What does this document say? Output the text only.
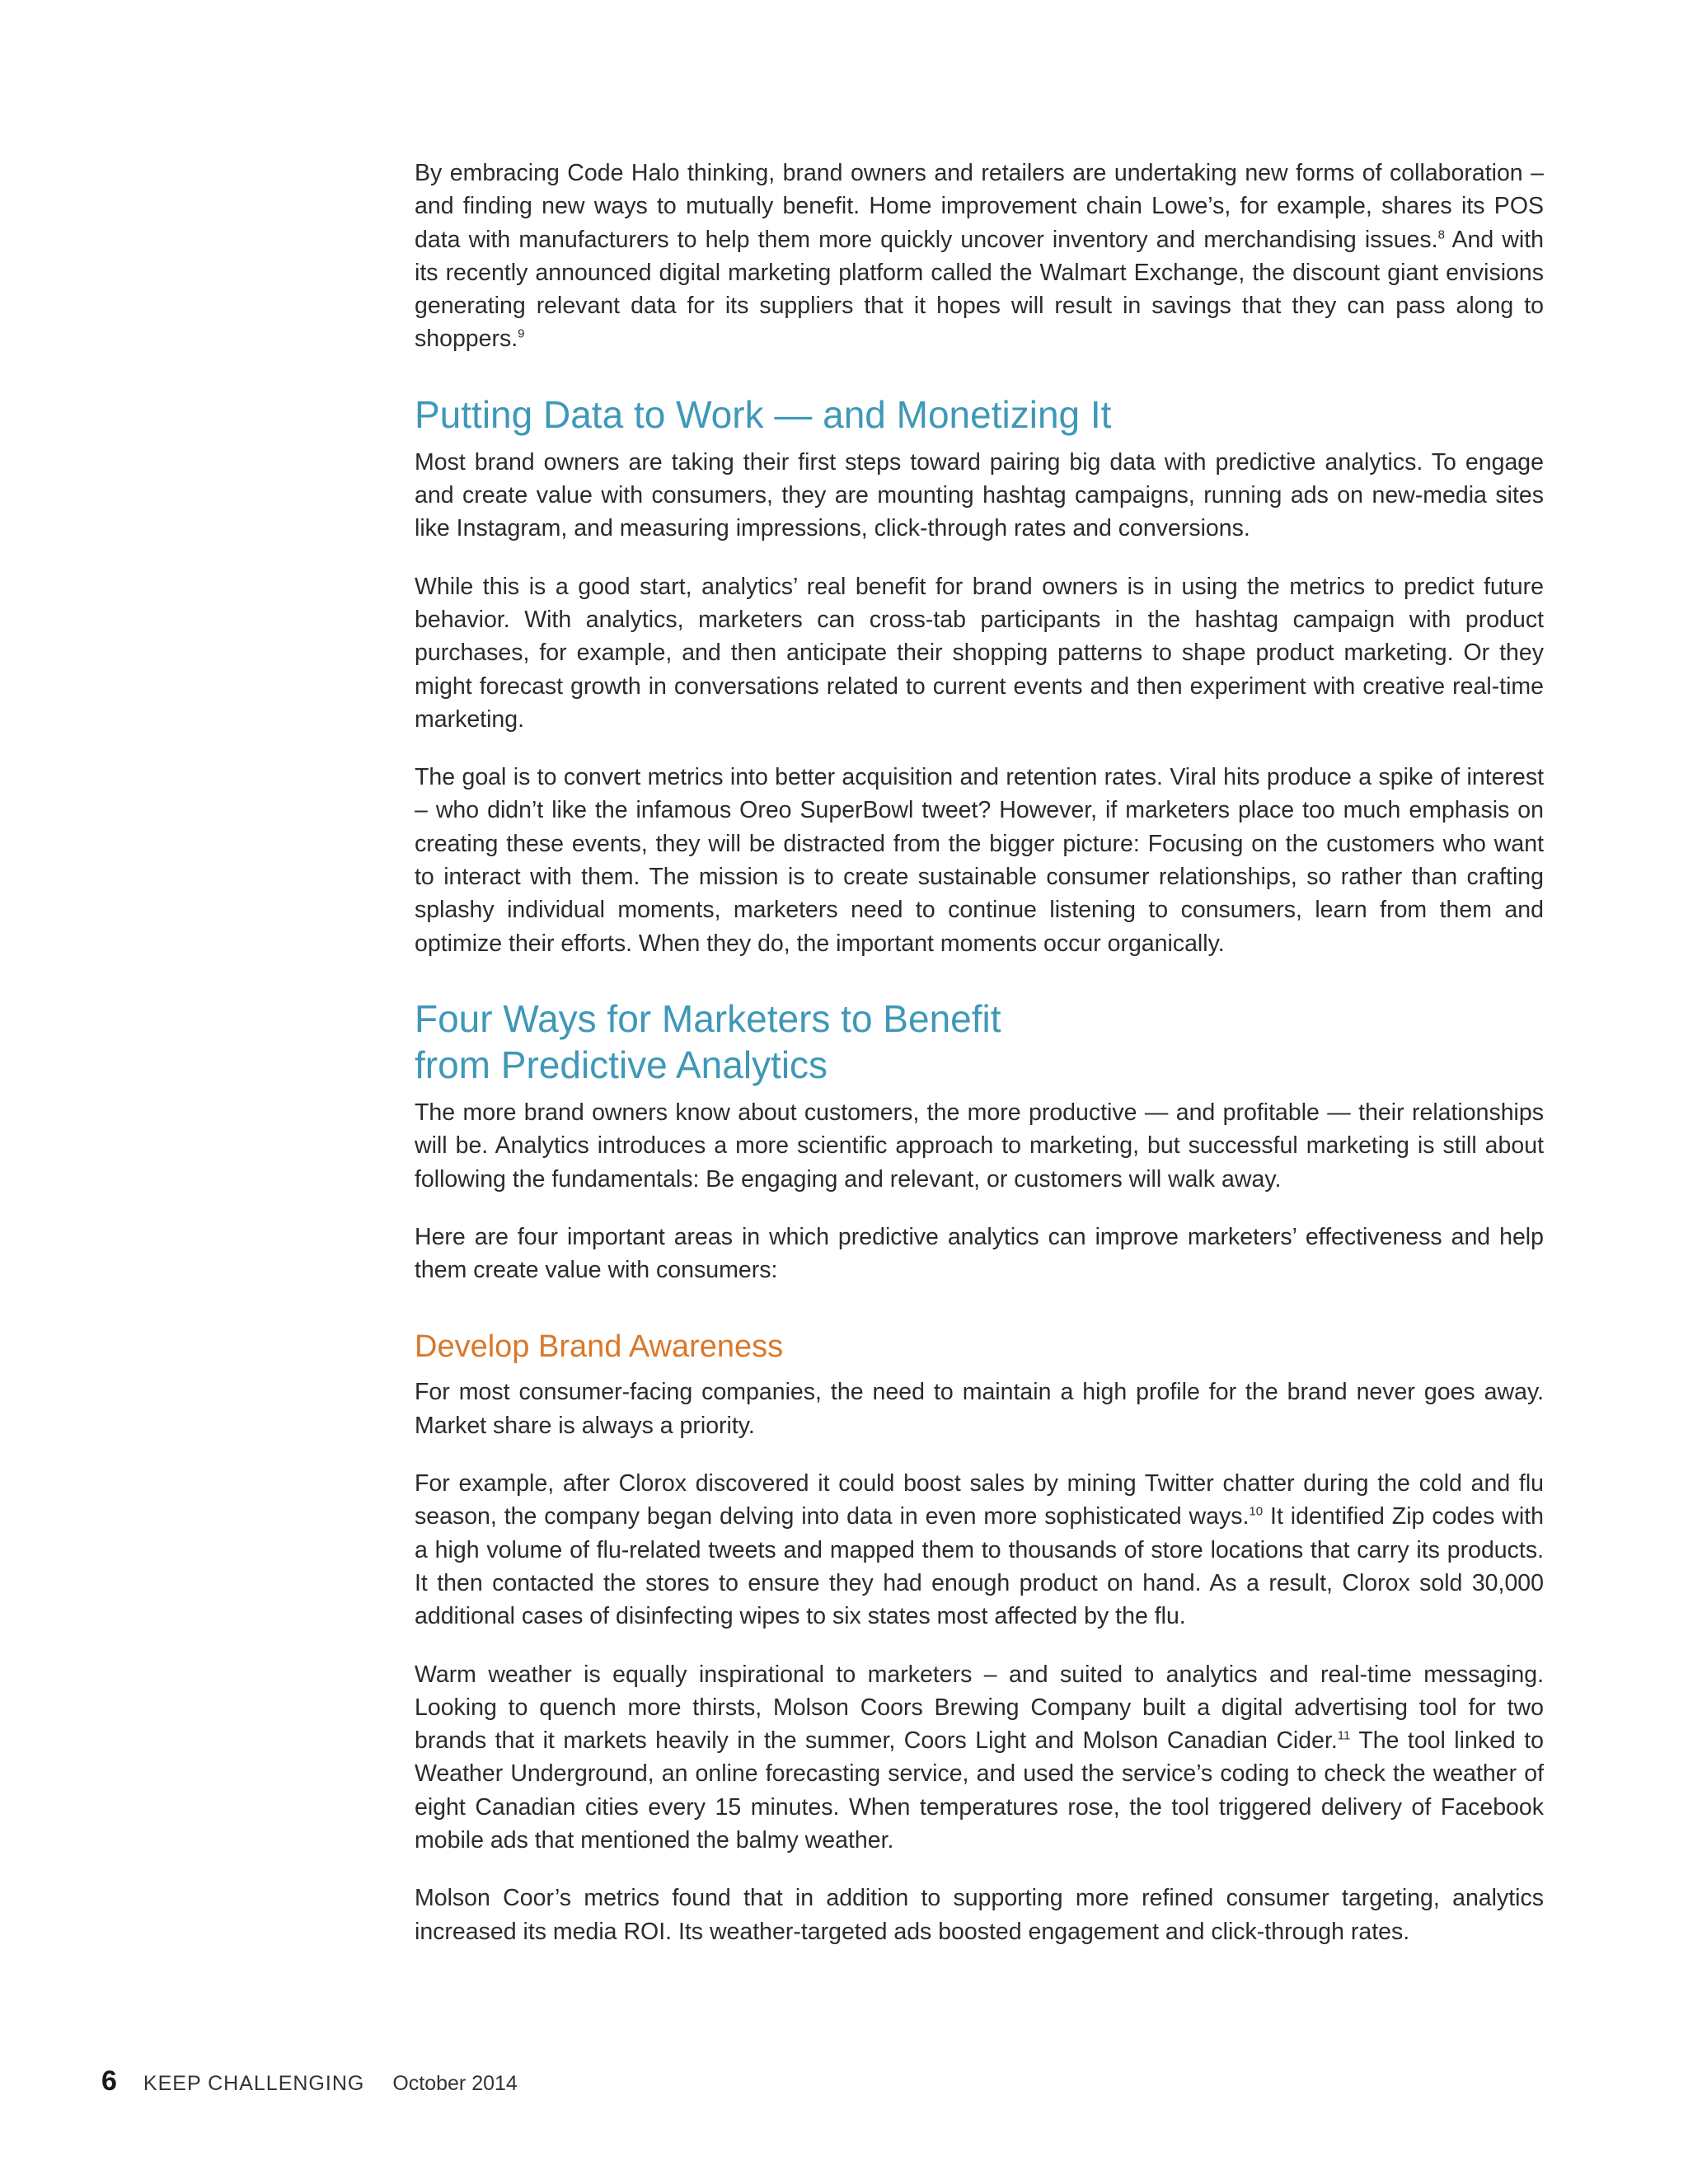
By embracing Code Halo thinking, brand owners and retailers are undertaking new forms of collaboration – and finding new ways to mutually benefit. Home improvement chain Lowe’s, for example, shares its POS data with manufacturers to help them more quickly uncover inventory and merchandising issues.$^8$ And with its recently announced digital marketing platform called the Walmart Exchange, the discount giant envisions generating relevant data for its suppliers that it hopes will result in savings that they can pass along to shoppers.$^9$

Putting Data to Work — and Monetizing It

Most brand owners are taking their first steps toward pairing big data with predictive analytics. To engage and create value with consumers, they are mounting hashtag campaigns, running ads on new-media sites like Instagram, and measuring impressions, click-through rates and conversions.

While this is a good start, analytics’ real benefit for brand owners is in using the metrics to predict future behavior. With analytics, marketers can cross-tab participants in the hashtag campaign with product purchases, for example, and then anticipate their shopping patterns to shape product marketing. Or they might forecast growth in conversations related to current events and then experiment with creative real-time marketing.

The goal is to convert metrics into better acquisition and retention rates. Viral hits produce a spike of interest – who didn’t like the infamous Oreo SuperBowl tweet? However, if marketers place too much emphasis on creating these events, they will be distracted from the bigger picture: Focusing on the customers who want to interact with them. The mission is to create sustainable consumer relationships, so rather than crafting splashy individual moments, marketers need to continue listening to consumers, learn from them and optimize their efforts. When they do, the important moments occur organically.

Four Ways for Marketers to Benefit
from Predictive Analytics

The more brand owners know about customers, the more productive — and profitable — their relationships will be. Analytics introduces a more scientific approach to marketing, but successful marketing is still about following the fundamentals: Be engaging and relevant, or customers will walk away.

Here are four important areas in which predictive analytics can improve marketers’ effectiveness and help them create value with consumers:

Develop Brand Awareness

For most consumer-facing companies, the need to maintain a high profile for the brand never goes away. Market share is always a priority.

For example, after Clorox discovered it could boost sales by mining Twitter chatter during the cold and flu season, the company began delving into data in even more sophisticated ways.$^{10}$ It identified Zip codes with a high volume of flu-related tweets and mapped them to thousands of store locations that carry its products. It then contacted the stores to ensure they had enough product on hand. As a result, Clorox sold 30,000 additional cases of disinfecting wipes to six states most affected by the flu.

Warm weather is equally inspirational to marketers – and suited to analytics and real-time messaging. Looking to quench more thirsts, Molson Coors Brewing Company built a digital advertising tool for two brands that it markets heavily in the summer, Coors Light and Molson Canadian Cider.$^{11}$ The tool linked to Weather Underground, an online forecasting service, and used the service’s coding to check the weather of eight Canadian cities every 15 minutes. When temperatures rose, the tool triggered delivery of Facebook mobile ads that mentioned the balmy weather.

Molson Coor’s metrics found that in addition to supporting more refined consumer targeting, analytics increased its media ROI. Its weather-targeted ads boosted engagement and click-through rates.

6 KEEP CHALLENGING October 2014
